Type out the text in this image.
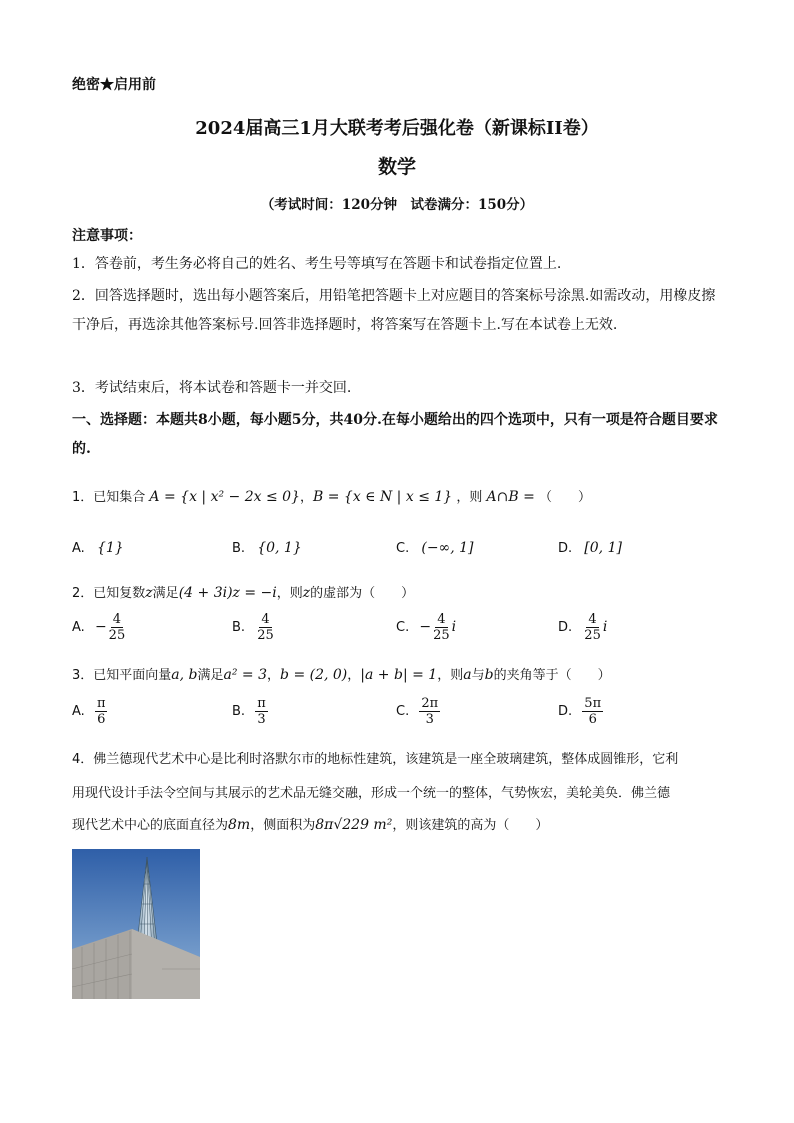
绝密★启用前
2024届高三1月大联考考后强化卷（新课标II卷）
数学
（考试时间：120分钟　试卷满分：150分）
注意事项：
1．答卷前，考生务必将自己的姓名、考生号等填写在答题卡和试卷指定位置上.
2．回答选择题时，选出每小题答案后，用铅笔把答题卡上对应题目的答案标号涂黑.如需改动，用橡皮擦干净后，再选涂其他答案标号.回答非选择题时，将答案写在答题卡上.写在本试卷上无效.
3．考试结束后，将本试卷和答题卡一并交回.
一、选择题：本题共8小题，每小题5分，共40分.在每小题给出的四个选项中，只有一项是符合题目要求的.
1．已知集合 A = {x | x² − 2x ≤ 0}，B = {x ∈ N | x ≤ 1} ，则 A∩B = （　　）
A. {1}	B. {0, 1}	C. (−∞, 1]	D. [0, 1]
2．已知复数z满足(4 + 3i)z = −i，则z的虚部为（　　）
A. − $\frac{4}{25}$	B. $\frac{4}{25}$	C. − $\frac{4}{25}$ i	D. $\frac{4}{25}$ i
3．已知平面向量a, b满足a² = 3，b = (2, 0)，|a + b| = 1，则a与b的夹角等于（　　）
A. $\frac{\pi}{6}$	B. $\frac{\pi}{3}$	C. $\frac{2\pi}{3}$	D. $\frac{5\pi}{6}$
4．佛兰德现代艺术中心是比利时洛默尔市的地标性建筑，该建筑是一座全玻璃建筑，整体成圆锥形，它利
用现代设计手法令空间与其展示的艺术品无缝交融，形成一个统一的整体，气势恢宏，美轮美奂．佛兰德
现代艺术中心的底面直径为8m，侧面积为8π√229 m²，则该建筑的高为（　　）
